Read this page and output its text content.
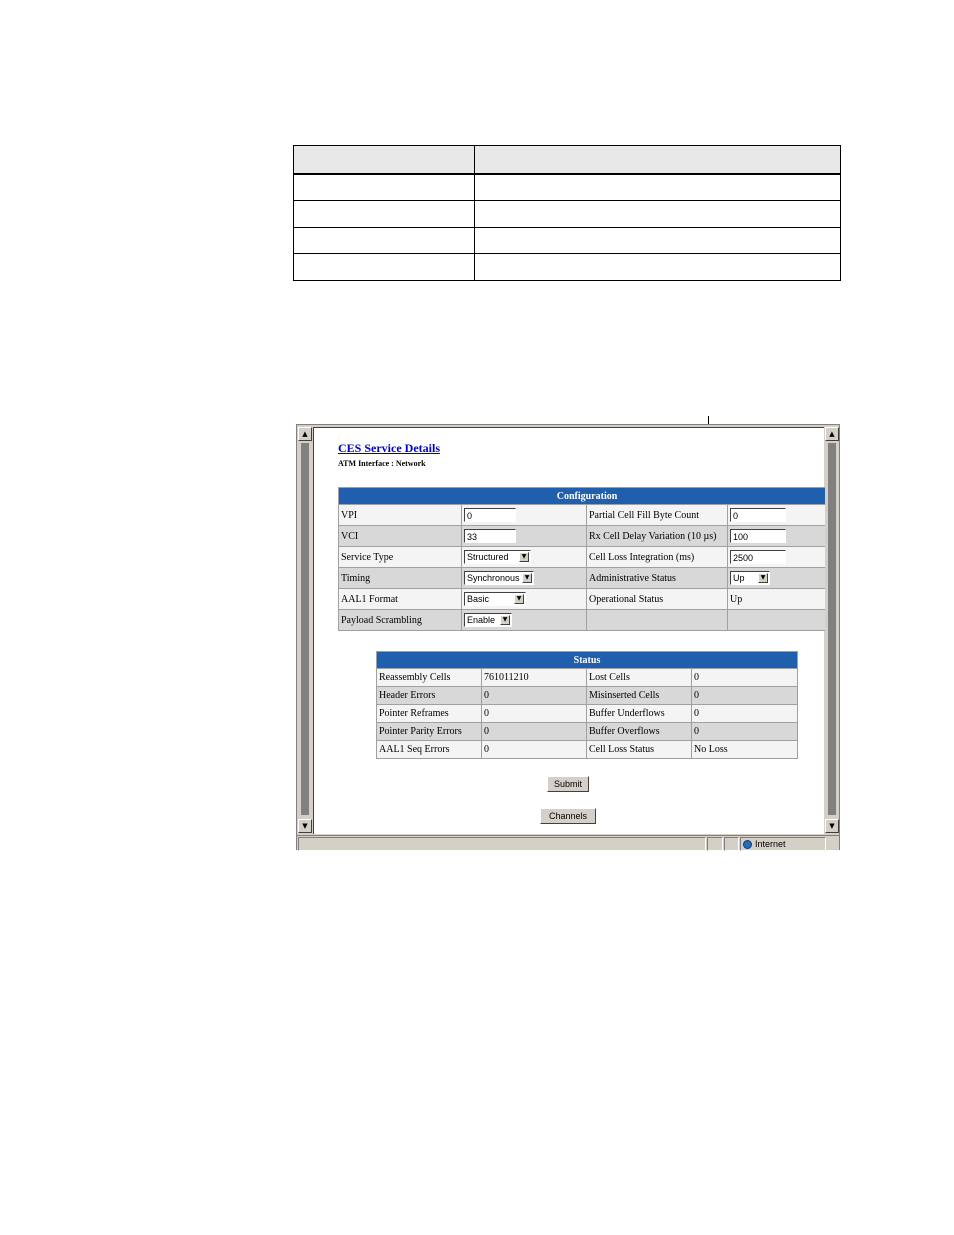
▲
▼
CES Service Details
ATM Interface : Network
Configuration			
VPI	0	Partial Cell Fill Byte Count	0
VCI	33	Rx Cell Delay Variation (10 µs)	100
Service Type	Structured ▼	Cell Loss Integration (ms)	2500
Timing	Synchronous ▼	Administrative Status	Up ▼

AAL1 Format	Basic ▼	Operational Status	Up
Payload Scrambling	Enable ▼		

Status			
Reassembly Cells	761011210	Lost Cells	0
Header Errors	0	Misinserted Cells	0
Pointer Reframes	0	Buffer Underflows	0
Pointer Parity Errors	0	Buffer Overflows	0
AAL1 Seq Errors	0	Cell Loss Status	No Loss
Submit
Channels
▲
▼
Internet
